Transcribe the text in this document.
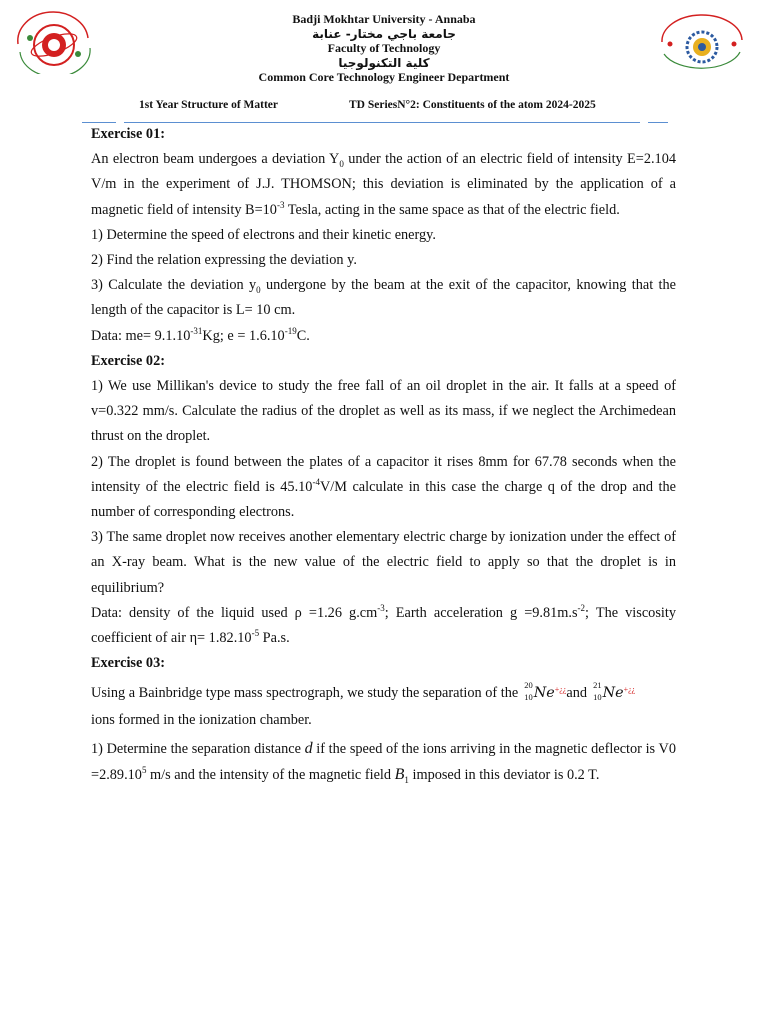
Badji Mokhtar University - Annaba
جامعة باجي مختار- عنابة
Faculty of Technology
كلية التكنولوجيا
Common Core Technology Engineer Department
1st Year Structure of Matter	TD SeriesN°2: Constituents of the atom 2024-2025

Exercise 01:

An electron beam undergoes a deviation $Y_0$ under the action of an electric field of intensity E=2.104 V/m in the experiment of J.J. THOMSON; this deviation is eliminated by the application of a magnetic field of intensity $B=10^{-3}$ Tesla, acting in the same space as that of the electric field.

1) Determine the speed of electrons and their kinetic energy.

2) Find the relation expressing the deviation y.

3) Calculate the deviation $y_0$ undergone by the beam at the exit of the capacitor, knowing that the length of the capacitor is L= 10 cm.

Data: $me= 9.1.10^{-31}Kg$; $e = 1.6.10^{-19}C$.

Exercise 02:

1) We use Millikan's device to study the free fall of an oil droplet in the air. It falls at a speed of v=0.322 mm/s. Calculate the radius of the droplet as well as its mass, if we neglect the Archimedean thrust on the droplet.

2) The droplet is found between the plates of a capacitor it rises 8mm for 67.78 seconds when the intensity of the electric field is $45.10^{-4}V/M$ calculate in this case the charge q of the drop and the number of corresponding electrons.

3) The same droplet now receives another elementary electric charge by ionization under the effect of an X-ray beam. What is the new value of the electric field to apply so that the droplet is in equilibrium?

Data: density of the liquid used ρ =1.26 $g.cm^{-3}$; Earth acceleration $g =9.81m.s^{-2}$; The viscosity coefficient of air $\eta= 1.82.10^{-5}$ Pa.s.

Exercise 03:

Using a Bainbridge type mass spectrograph, we study the separation of the 20
10 Ne+¿¿and 21
10 Ne+¿¿
ions formed in the ionization chamber.

1) Determine the separation distance d if the speed of the ions arriving in the magnetic deflector is $V0 =2.89.10^5$ m/s and the intensity of the magnetic field $B_1$ imposed in this deviator is 0.2 T.
